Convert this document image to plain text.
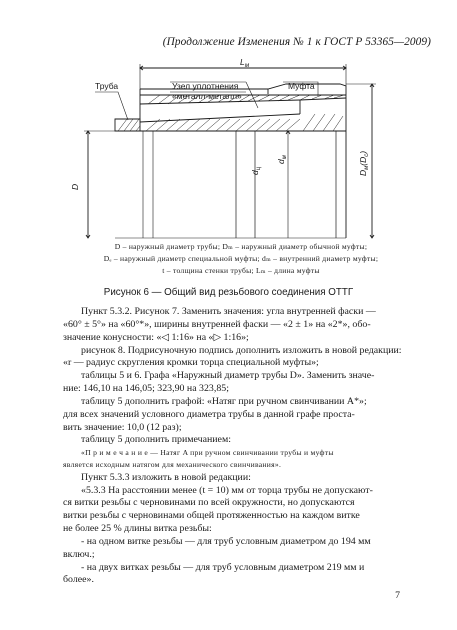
(Продолжение Изменения № 1 к ГОСТ Р 53365—2009)
Труба	Узел уплотнения
«металл-металл»
Муфта
$L_м$
D
$d_м$
$d_ц$
$D_м(D_с)$
D – наружный диаметр трубы; Dₘ – наружный диаметр обычной муфты;
Dₑ – наружный диаметр специальной муфты; dₘ – внутренний диаметр муфты;
t – толщина стенки трубы; Lₘ – длина муфты
Рисунок 6 — Общий вид резьбового соединения ОТТГ

Пункт 5.3.2. Рисунок 7. Заменить значения: угла внутренней фаски —

«60° ± 5°» на «60°*», ширины внутренней фаски — «2 ± 1» на «2*», обо-

значение конусности: «◁ 1:16» на «▷ 1:16»;

рисунок 8. Подрисуночную подпись дополнить изложить в новой редакции:

«r — радиус скругления кромки торца специальной муфты»;

таблицы 5 и 6. Графа «Наружный диаметр трубы D». Заменить значе-

ние: 146,10 на 146,05; 323,90 на 323,85;

таблицу 5 дополнить графой: «Натяг при ручном свинчивании A*»;

для всех значений условного диаметра трубы в данной графе простa-

вить значение: 10,0 (12 раз);

таблицу 5 дополнить примечанием:

«П р и м е ч а н и е — Натяг A при ручном свинчивании трубы и муфты

является исходным натягом для механического свинчивания».

Пункт 5.3.3 изложить в новой редакции:

«5.3.3 На расстоянии менее (t = 10) мм от торца трубы не допускают-

ся витки резьбы с черновинами по всей окружности, но допускаются

витки резьбы с черновинами общей протяженностью на каждом витке

не более 25 % длины витка резьбы:

- на одном витке резьбы — для труб условным диаметром до 194 мм

включ.;

- на двух витках резьбы — для труб условным диаметром 219 мм и

более».

7
